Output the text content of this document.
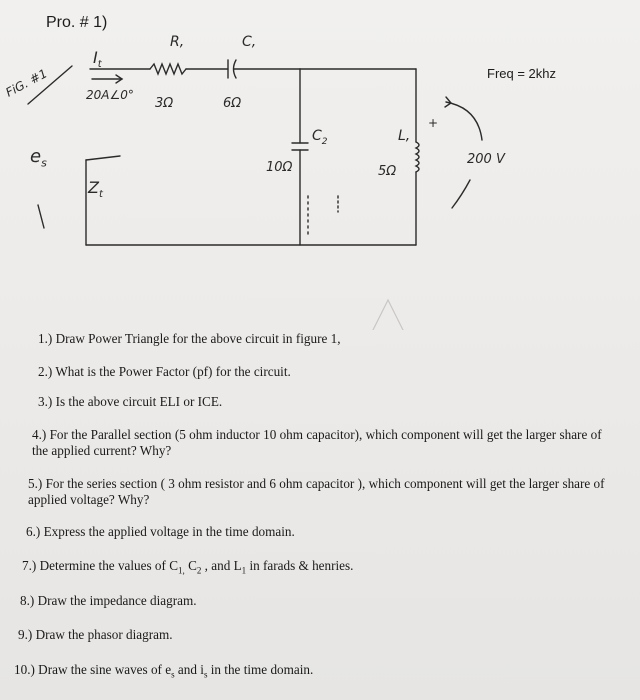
Pro. # 1)
Freq = 2khz
FiG. #1
$e_s$
$I_t$
20A∠0°
$Z_t$
R,
3Ω
C,
6Ω
$C_2$
10Ω
L,
5Ω
+
200 V
1.) Draw Power Triangle for the above circuit in figure 1,
2.) What is the Power Factor (pf) for the circuit.
3.) Is the above circuit ELI or ICE.
4.) For the Parallel section (5 ohm inductor 10 ohm capacitor), which component will get the larger share of the applied current? Why?
5.) For the series section ( 3 ohm resistor and 6 ohm capacitor ), which component will get the larger share of applied voltage? Why?
6.) Express the applied voltage in the time domain.
7.) Determine the values of $C_{1,}$ $C_2$ , and $L_1$ in farads & henries.
8.) Draw the impedance diagram.
9.) Draw the phasor diagram.
10.) Draw the sine waves of $e_s$ and $i_s$ in the time domain.
